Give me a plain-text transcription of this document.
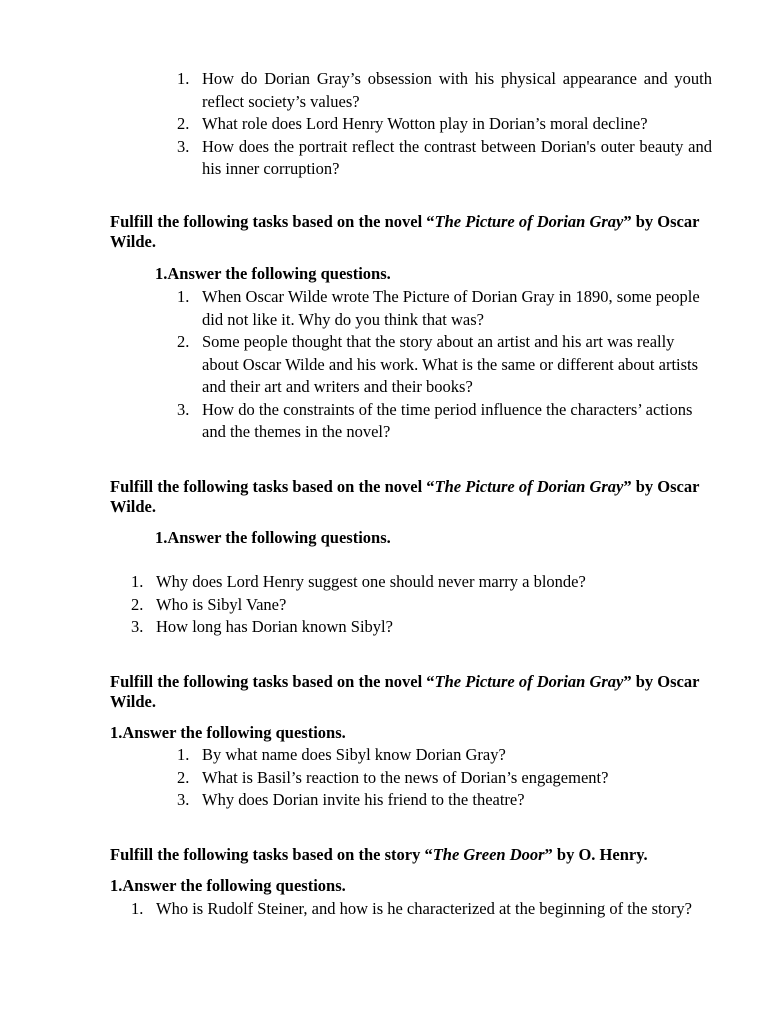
1. How do Dorian Gray’s obsession with his physical appearance and youth reflect society’s values?
2. What role does Lord Henry Wotton play in Dorian’s moral decline?
3. How does the portrait reflect the contrast between Dorian's outer beauty and his inner corruption?
Fulfill the following tasks based on the novel “The Picture of Dorian Gray” by Oscar Wilde.
1.Answer the following questions.
1. When Oscar Wilde wrote The Picture of Dorian Gray in 1890, some people did not like it. Why do you think that was?
2. Some people thought that the story about an artist and his art was really about Oscar Wilde and his work. What is the same or different about artists and their art and writers and their books?
3. How do the constraints of the time period influence the characters’ actions and the themes in the novel?
Fulfill the following tasks based on the novel “The Picture of Dorian Gray” by Oscar Wilde.
1.Answer the following questions.
1. Why does Lord Henry suggest one should never marry a blonde?
2. Who is Sibyl Vane?
3. How long has Dorian known Sibyl?
Fulfill the following tasks based on the novel “The Picture of Dorian Gray” by Oscar Wilde.
1.Answer the following questions.
1. By what name does Sibyl know Dorian Gray?
2. What is Basil’s reaction to the news of Dorian’s engagement?
3. Why does Dorian invite his friend to the theatre?
Fulfill the following tasks based on the story “The Green Door” by O. Henry.
1.Answer the following questions.
1. Who is Rudolf Steiner, and how is he characterized at the beginning of the story?
